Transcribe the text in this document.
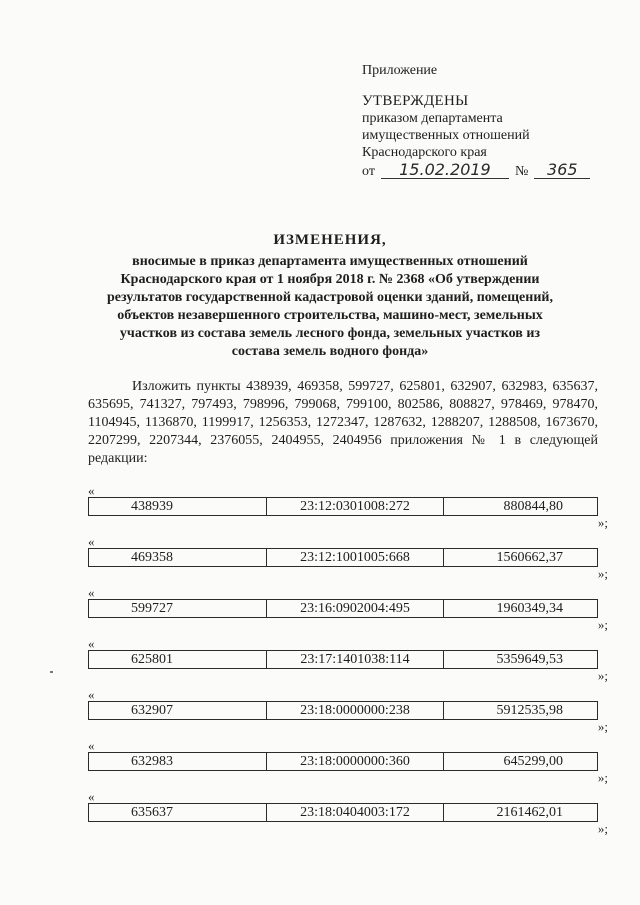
Приложение
УТВЕРЖДЕНЫ
приказом департамента
имущественных отношений
Краснодарского края
от 15.02.2019 № 365
ИЗМЕНЕНИЯ,
вносимые в приказ департамента имущественных отношений
Краснодарского края от 1 ноября 2018 г. № 2368 «Об утверждении
результатов государственной кадастровой оценки зданий, помещений,
объектов незавершенного строительства, машино-мест, земельных
участков из состава земель лесного фонда, земельных участков из
состава земель водного фонда»

Изложить пункты 438939, 469358, 599727, 625801, 632907, 632983, 635637, 635695, 741327, 797493, 798996, 799068, 799100, 802586, 808827, 978469, 978470, 1104945, 1136870, 1199917, 1256353, 1272347, 1287632, 1288207, 1288508, 1673670, 2207299, 2207344, 2376055, 2404955, 2404956 приложения № 1 в следующей редакции:

«
438939	23:12:0301008:272	880844,80
»;
«
469358	23:12:1001005:668	1560662,37
»;
«
599727	23:16:0902004:495	1960349,34
»;
«
625801	23:17:1401038:114	5359649,53
»;
«
632907	23:18:0000000:238	5912535,98
»;
«
632983	23:18:0000000:360	645299,00
»;
«
635637	23:18:0404003:172	2161462,01
»;
